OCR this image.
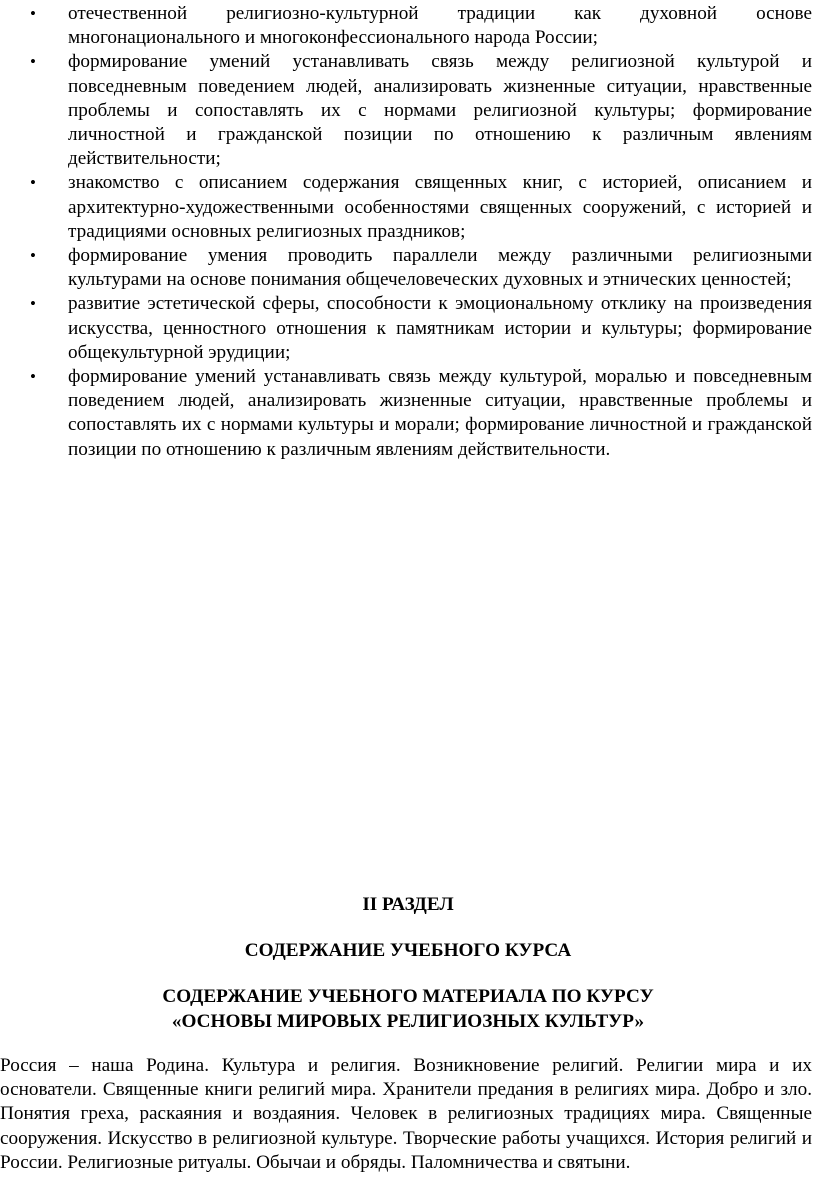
• отечественной религиозно-культурной традиции как духовной основе многонационального и многоконфессионального народа России;
• формирование умений устанавливать связь между религиозной культурой и повседневным поведением людей, анализировать жизненные ситуации, нравственные проблемы и сопоставлять их с нормами религиозной культуры; формирование личностной и гражданской позиции по отношению к различным явлениям действительности;
• знакомство с описанием содержания священных книг, с историей, описанием и архитектурно-художественными особенностями священных сооружений, с историей и традициями основных религиозных праздников;
• формирование умения проводить параллели между различными религиозными культурами на основе понимания общечеловеческих духовных и этнических ценностей;
• развитие эстетической сферы, способности к эмоциональному отклику на произведения искусства, ценностного отношения к памятникам истории и культуры; формирование общекультурной эрудиции;
• формирование умений устанавливать связь между культурой, моралью и повседневным поведением людей, анализировать жизненные ситуации, нравственные проблемы и сопоставлять их с нормами культуры и морали; формирование личностной и гражданской позиции по отношению к различным явлениям действительности.

II РАЗДЕЛ

СОДЕРЖАНИЕ УЧЕБНОГО КУРСА

СОДЕРЖАНИЕ УЧЕБНОГО МАТЕРИАЛА ПО КУРСУ

«ОСНОВЫ МИРОВЫХ РЕЛИГИОЗНЫХ КУЛЬТУР»

Россия – наша Родина. Культура и религия. Возникновение религий. Религии мира и их основатели. Священные книги религий мира. Хранители предания в религиях мира. Добро и зло. Понятия греха, раскаяния и воздаяния. Человек в религиозных традициях мира. Священные сооружения. Искусство в религиозной культуре. Творческие работы учащихся. История религий и России. Религиозные ритуалы. Обычаи и обряды. Паломничества и святыни.
